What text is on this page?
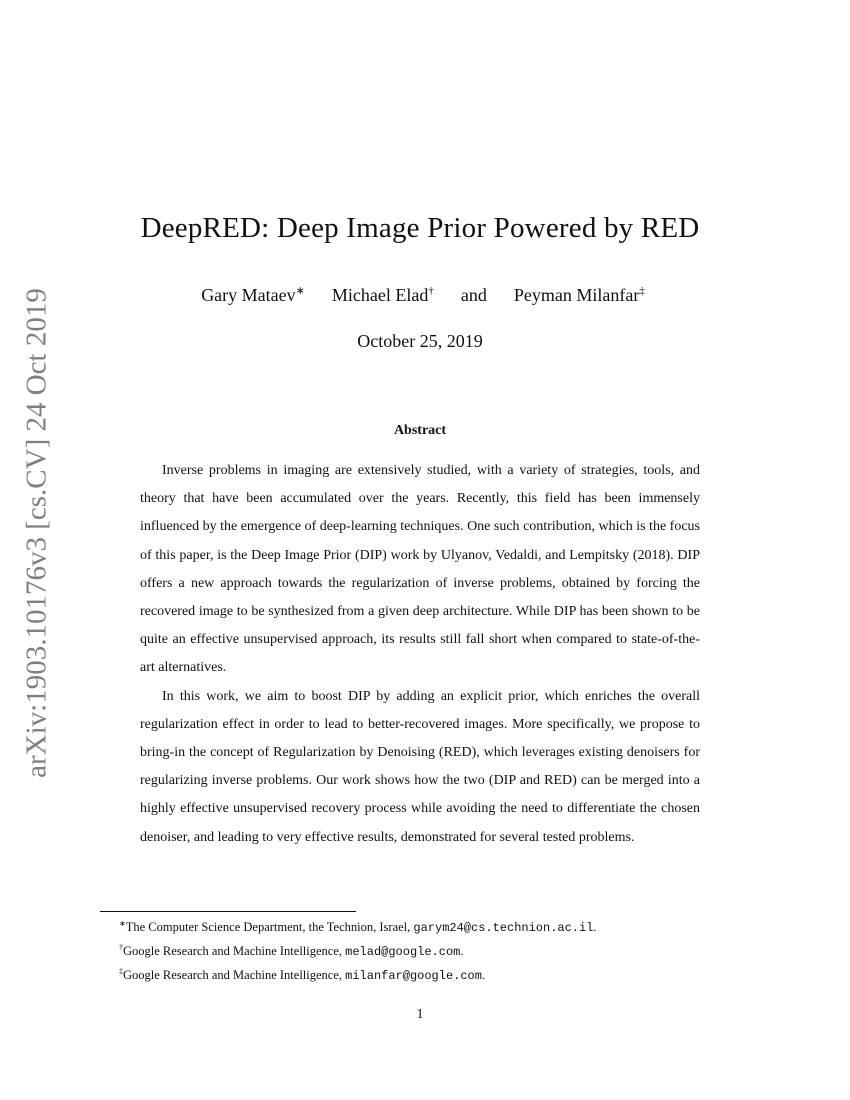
arXiv:1903.10176v3 [cs.CV] 24 Oct 2019
DeepRED: Deep Image Prior Powered by RED
Gary Mataev∗ Michael Elad† and Peyman Milanfar‡
October 25, 2019
Abstract

Inverse problems in imaging are extensively studied, with a variety of strategies, tools, and theory that have been accumulated over the years. Recently, this field has been immensely influenced by the emergence of deep-learning techniques. One such contribution, which is the focus of this paper, is the Deep Image Prior (DIP) work by Ulyanov, Vedaldi, and Lempitsky (2018). DIP offers a new approach towards the regularization of inverse problems, obtained by forcing the recovered image to be synthesized from a given deep architecture. While DIP has been shown to be quite an effective unsupervised approach, its results still fall short when compared to state-of-the-art alternatives.

In this work, we aim to boost DIP by adding an explicit prior, which enriches the overall regularization effect in order to lead to better-recovered images. More specifically, we propose to bring-in the concept of Regularization by Denoising (RED), which leverages existing denoisers for regularizing inverse problems. Our work shows how the two (DIP and RED) can be merged into a highly effective unsupervised recovery process while avoiding the need to differentiate the chosen denoiser, and leading to very effective results, demonstrated for several tested problems.

∗The Computer Science Department, the Technion, Israel, garym24@cs.technion.ac.il.
†Google Research and Machine Intelligence, melad@google.com.
‡Google Research and Machine Intelligence, milanfar@google.com.
1
